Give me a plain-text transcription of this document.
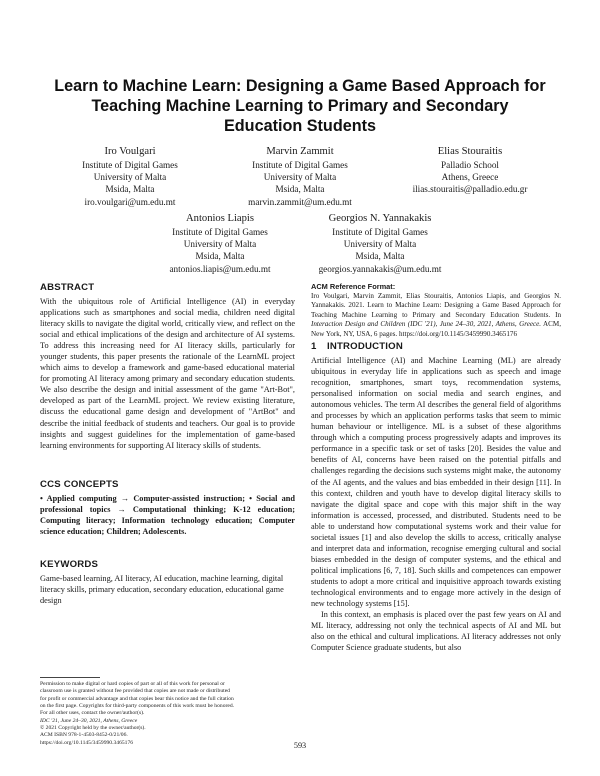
Learn to Machine Learn: Designing a Game Based Approach for
Teaching Machine Learning to Primary and Secondary
Education Students
Iro Voulgari
Institute of Digital Games
University of Malta
Msida, Malta
iro.voulgari@um.edu.mt
Marvin Zammit
Institute of Digital Games
University of Malta
Msida, Malta
marvin.zammit@um.edu.mt
Elias Stouraitis
Palladio School
Athens, Greece
ilias.stouraitis@palladio.edu.gr
Antonios Liapis
Institute of Digital Games
University of Malta
Msida, Malta
antonios.liapis@um.edu.mt
Georgios N. Yannakakis
Institute of Digital Games
University of Malta
Msida, Malta
georgios.yannakakis@um.edu.mt
ABSTRACT

With the ubiquitous role of Artificial Intelligence (AI) in everyday applications such as smartphones and social media, children need digital literacy skills to navigate the digital world, critically view, and reflect on the social and ethical implications of the design and architecture of AI systems. To address this increasing need for AI literacy skills, particularly for younger students, this paper presents the rationale of the LearnML project which aims to develop a framework and game-based educational material for promoting AI literacy among primary and secondary education students. We also describe the design and initial assessment of the game "Art-Bot", developed as part of the LearnML project. We review existing literature, discuss the educational game design and development of "ArtBot" and describe the initial feedback of students and teachers. Our goal is to provide insights and suggest guidelines for the implementation of game-based learning environments for supporting AI literacy skills of students.

CCS CONCEPTS

• Applied computing → Computer-assisted instruction; • Social and professional topics → Computational thinking; K-12 education; Computing literacy; Information technology education; Computer science education; Children; Adolescents.

KEYWORDS

Game-based learning, AI literacy, AI education, machine learning, digital literacy skills, primary education, secondary education, educational game design

Permission to make digital or hard copies of part or all of this work for personal or
classroom use is granted without fee provided that copies are not made or distributed
for profit or commercial advantage and that copies bear this notice and the full citation
on the first page. Copyrights for third-party components of this work must be honored.
For all other uses, contact the owner/author(s).
IDC '21, June 24–30, 2021, Athens, Greece
© 2021 Copyright held by the owner/author(s).
ACM ISBN 978-1-4503-8452-0/21/06.
https://doi.org/10.1145/3459990.3465176
ACM Reference Format:

Iro Voulgari, Marvin Zammit, Elias Stouraitis, Antonios Liapis, and Georgios N. Yannakakis. 2021. Learn to Machine Learn: Designing a Game Based Approach for Teaching Machine Learning to Primary and Secondary Education Students. In Interaction Design and Children (IDC '21), June 24–30, 2021, Athens, Greece. ACM, New York, NY, USA, 6 pages. https://doi.org/10.1145/3459990.3465176

1 INTRODUCTION

Artificial Intelligence (AI) and Machine Learning (ML) are already ubiquitous in everyday life in applications such as speech and image recognition, smartphones, smart toys, recommendation systems, personalised information on social media and search engines, and autonomous vehicles. The term AI describes the general field of algorithms and processes by which an application performs tasks that seem to mimic human behaviour or intelligence. ML is a subset of these algorithms through which a computing process progressively adapts and improves its performance in a specific task or set of tasks [20]. Besides the value and benefits of AI, concerns have been raised on the potential pitfalls and challenges regarding the decisions such systems might make, the autonomy of the AI agents, and the values and bias embedded in their design [11]. In this context, children and youth have to develop digital literacy skills to navigate the digital space and cope with this major shift in the way information is accessed, processed, and distributed. Students need to be able to understand how computational systems work and their value for societal issues [1] and also develop the skills to access, critically analyse and interpret data and information, recognise emerging cultural and social biases embedded in the design of computer systems, and the ethical and political implications [6, 7, 18]. Such skills and competences can empower students to adopt a more critical and inquisitive approach towards existing technological environments and to engage more actively in the design of new technology systems [15].

In this context, an emphasis is placed over the past few years on AI and ML literacy, addressing not only the technical aspects of AI and ML but also on the ethical and cultural implications. AI literacy addresses not only Computer Science graduate students, but also

593
